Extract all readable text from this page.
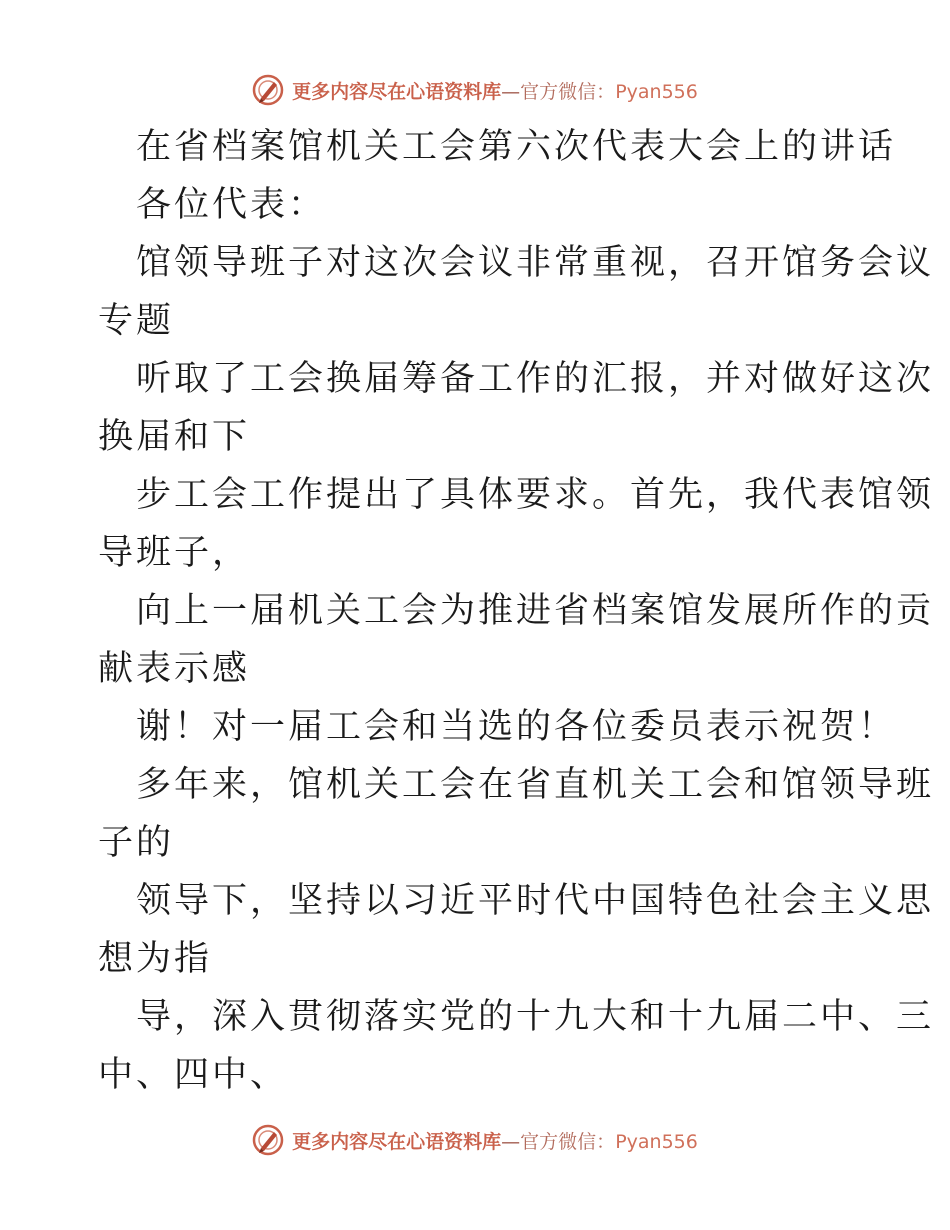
更多内容尽在心语资料库—官方微信：Pyan556
在省档案馆机关工会第六次代表大会上的讲话
各位代表：
馆领导班子对这次会议非常重视，召开馆务会议
专题
听取了工会换届筹备工作的汇报，并对做好这次
换届和下
步工会工作提出了具体要求。首先，我代表馆领
导班子，
向上一届机关工会为推进省档案馆发展所作的贡
献表示感
谢！对一届工会和当选的各位委员表示祝贺！
多年来，馆机关工会在省直机关工会和馆领导班
子的
领导下，坚持以习近平时代中国特色社会主义思
想为指
导，深入贯彻落实党的十九大和十九届二中、三
中、四中、
更多内容尽在心语资料库—官方微信：Pyan556
